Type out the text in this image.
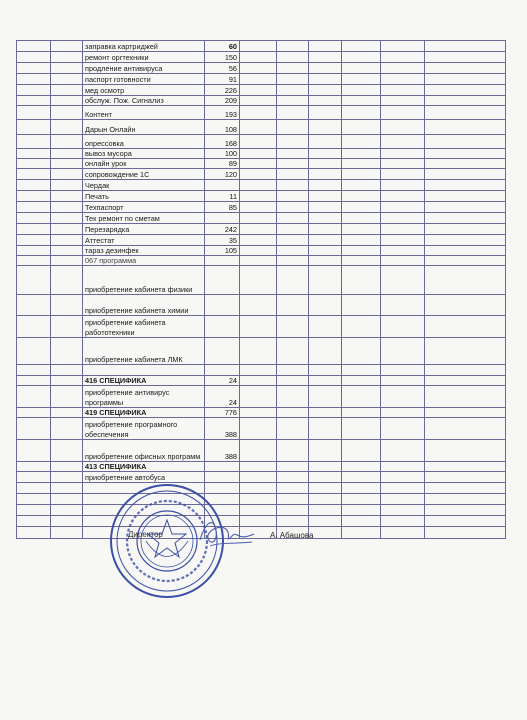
		заправка картриджей	60						
		ремонт оргтехники	150						
		продление антивируса	56						
		паспорт готовности	91						
		мед осмотр	226						
		обслуж. Пож. Сигнализ	209						
		Контент	193						
		Дарын Онлайн	108						
		опрессовка	168						
		вывоз мусора	100						
		онлайн урок	89						
		сопровождение 1С	120						
		Чердак							
		Печать	11						
		Техпаспорт	85						
		Тек ремонт по сметам							
		Перезарядка	242						
		Аттестат	35						
		тараз дезинфек	105						
		067 программа							
		приобретение кабинета физики							
		приобретение кабинета химии							
		приобретение кабинета работотехники							
		приобретение кабинета ЛМК							

		416 СПЕЦИФИКА	24						
		приобретение антивирус программы	24						
		419 СПЕЦИФИКА	776						
		приобретение програмного обеспечения	388						
		приобретение офисных программ	388						
		413 СПЕЦИФИКА							
		приобретение автобуса							

Директор	А. Абашова
